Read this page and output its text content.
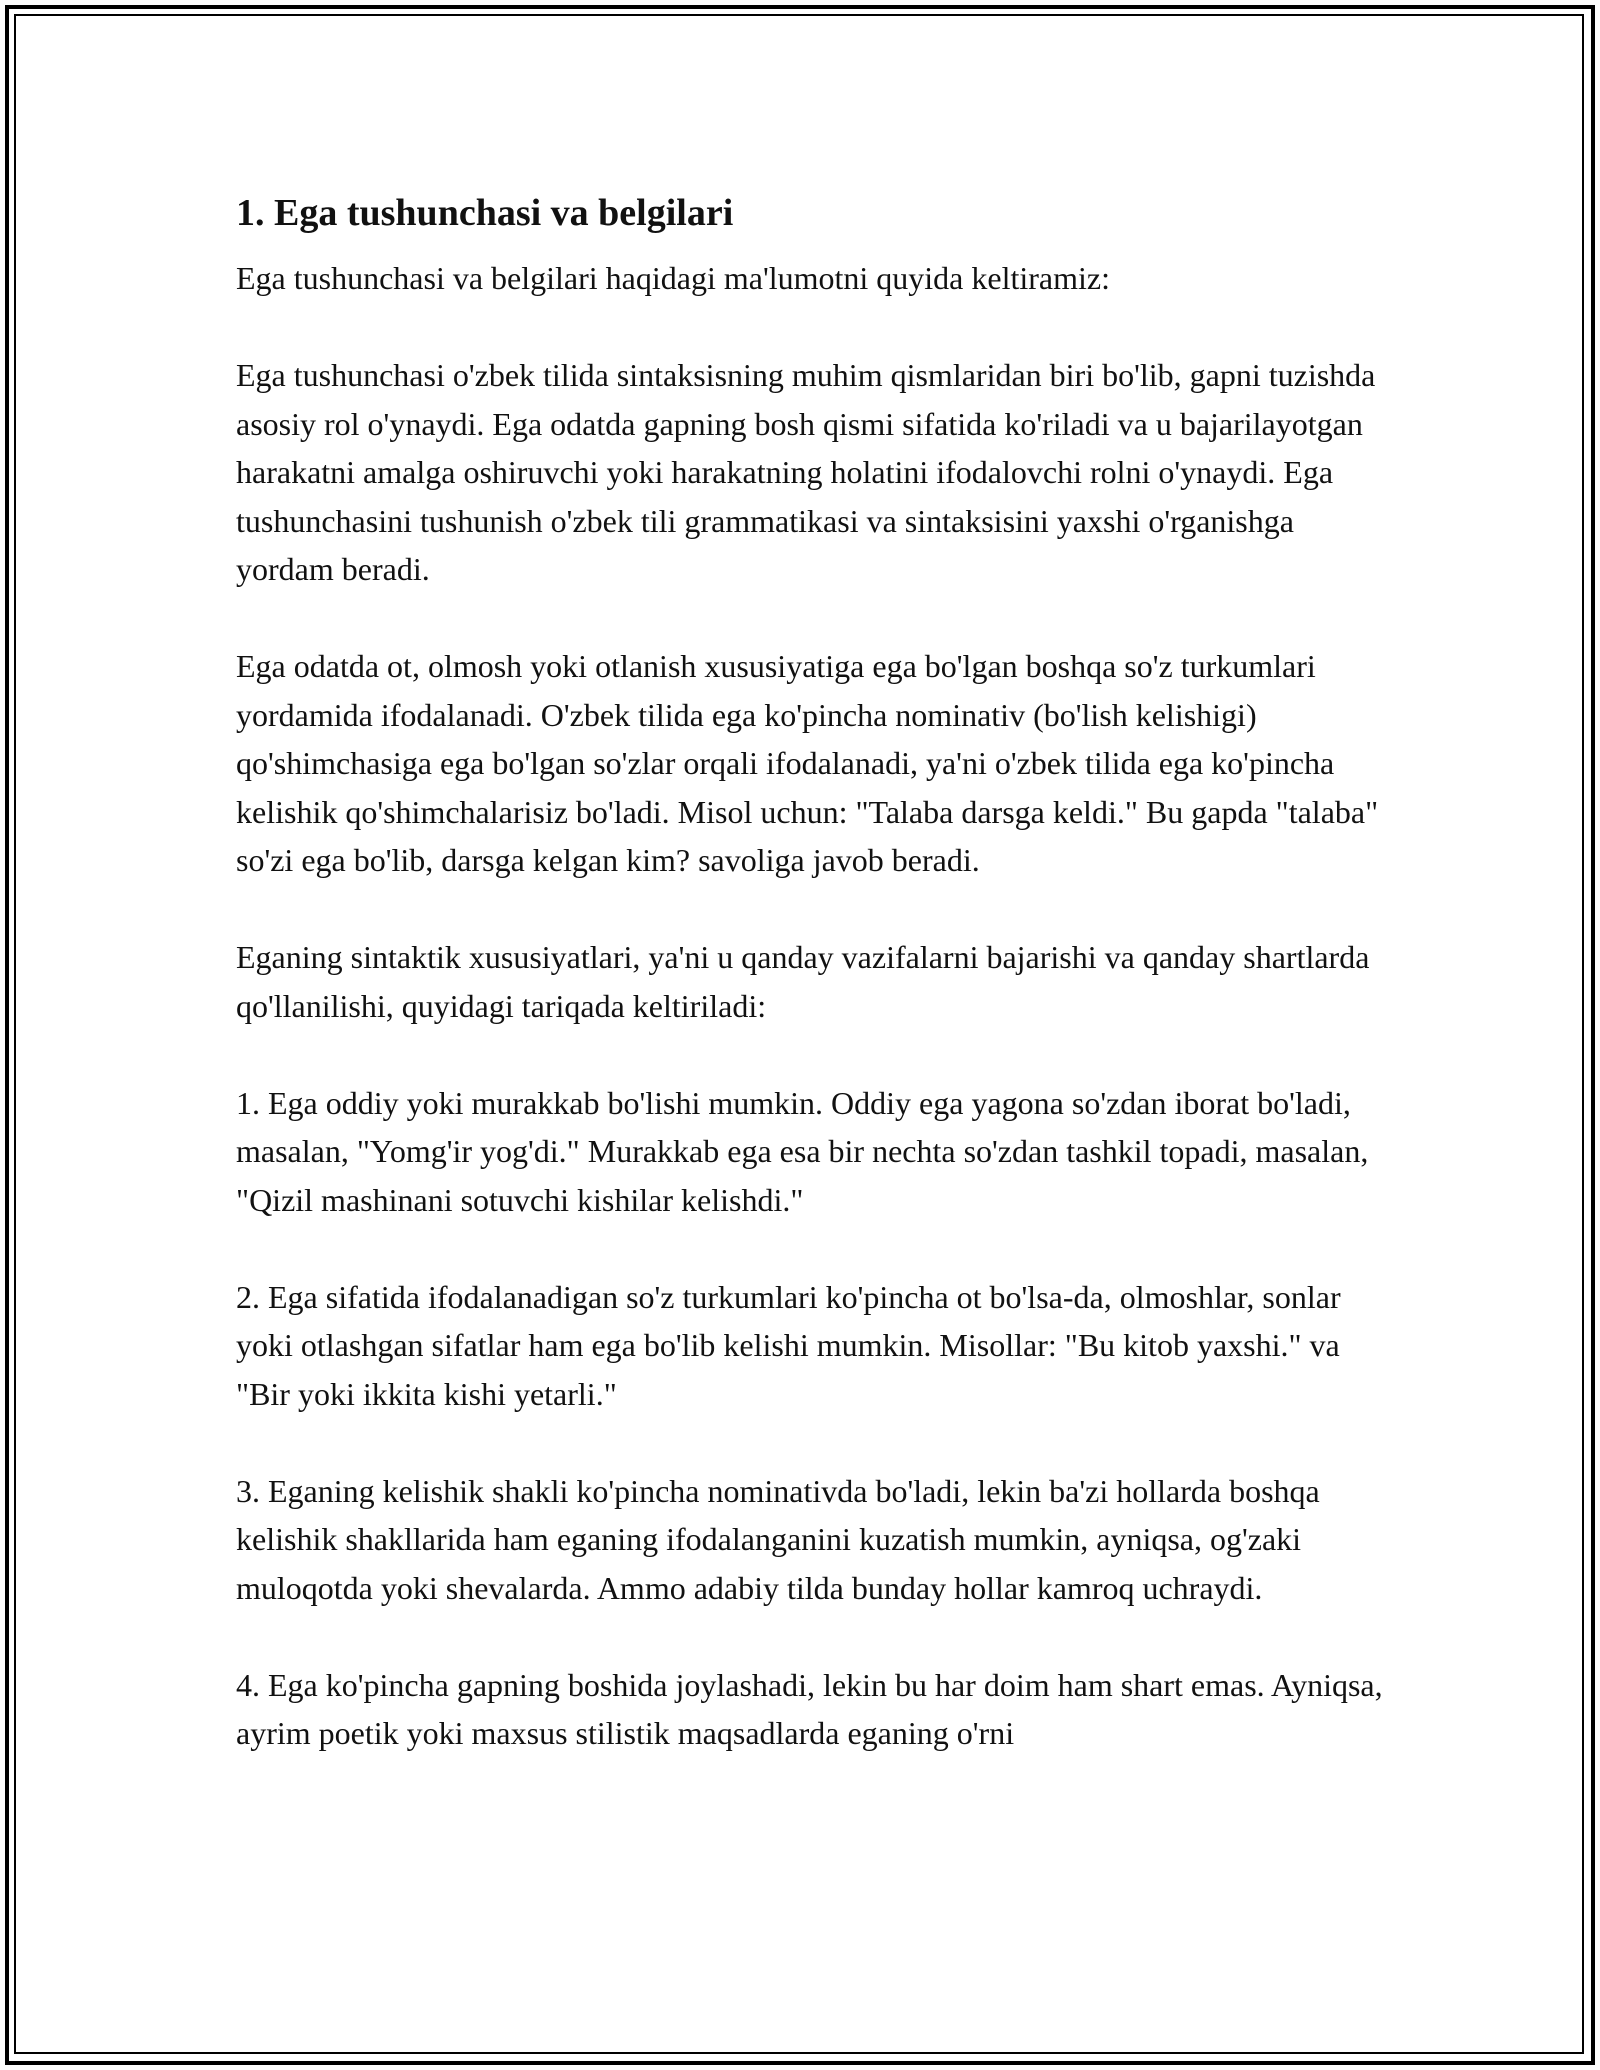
1. Ega tushunchasi va belgilari

Ega tushunchasi va belgilari haqidagi ma'lumotni quyida keltiramiz:

Ega tushunchasi o'zbek tilida sintaksisning muhim qismlaridan biri bo'lib, gapni tuzishda asosiy rol o'ynaydi. Ega odatda gapning bosh qismi sifatida ko'riladi va u bajarilayotgan harakatni amalga oshiruvchi yoki harakatning holatini ifodalovchi rolni o'ynaydi. Ega tushunchasini tushunish o'zbek tili grammatikasi va sintaksisini yaxshi o'rganishga yordam beradi.

Ega odatda ot, olmosh yoki otlanish xususiyatiga ega bo'lgan boshqa so'z turkumlari yordamida ifodalanadi. O'zbek tilida ega ko'pincha nominativ (bo'lish kelishigi) qo'shimchasiga ega bo'lgan so'zlar orqali ifodalanadi, ya'ni o'zbek tilida ega ko'pincha kelishik qo'shimchalarisiz bo'ladi. Misol uchun: "Talaba darsga keldi." Bu gapda "talaba" so'zi ega bo'lib, darsga kelgan kim? savoliga javob beradi.

Eganing sintaktik xususiyatlari, ya'ni u qanday vazifalarni bajarishi va qanday shartlarda qo'llanilishi, quyidagi tariqada keltiriladi:

1. Ega oddiy yoki murakkab bo'lishi mumkin. Oddiy ega yagona so'zdan iborat bo'ladi, masalan, "Yomg'ir yog'di." Murakkab ega esa bir nechta so'zdan tashkil topadi, masalan, "Qizil mashinani sotuvchi kishilar kelishdi."

2. Ega sifatida ifodalanadigan so'z turkumlari ko'pincha ot bo'lsa-da, olmoshlar, sonlar yoki otlashgan sifatlar ham ega bo'lib kelishi mumkin. Misollar: "Bu kitob yaxshi." va "Bir yoki ikkita kishi yetarli."

3. Eganing kelishik shakli ko'pincha nominativda bo'ladi, lekin ba'zi hollarda boshqa kelishik shakllarida ham eganing ifodalanganini kuzatish mumkin, ayniqsa, og'zaki muloqotda yoki shevalarda. Ammo adabiy tilda bunday hollar kamroq uchraydi.

4. Ega ko'pincha gapning boshida joylashadi, lekin bu har doim ham shart emas. Ayniqsa, ayrim poetik yoki maxsus stilistik maqsadlarda eganing o'rni
